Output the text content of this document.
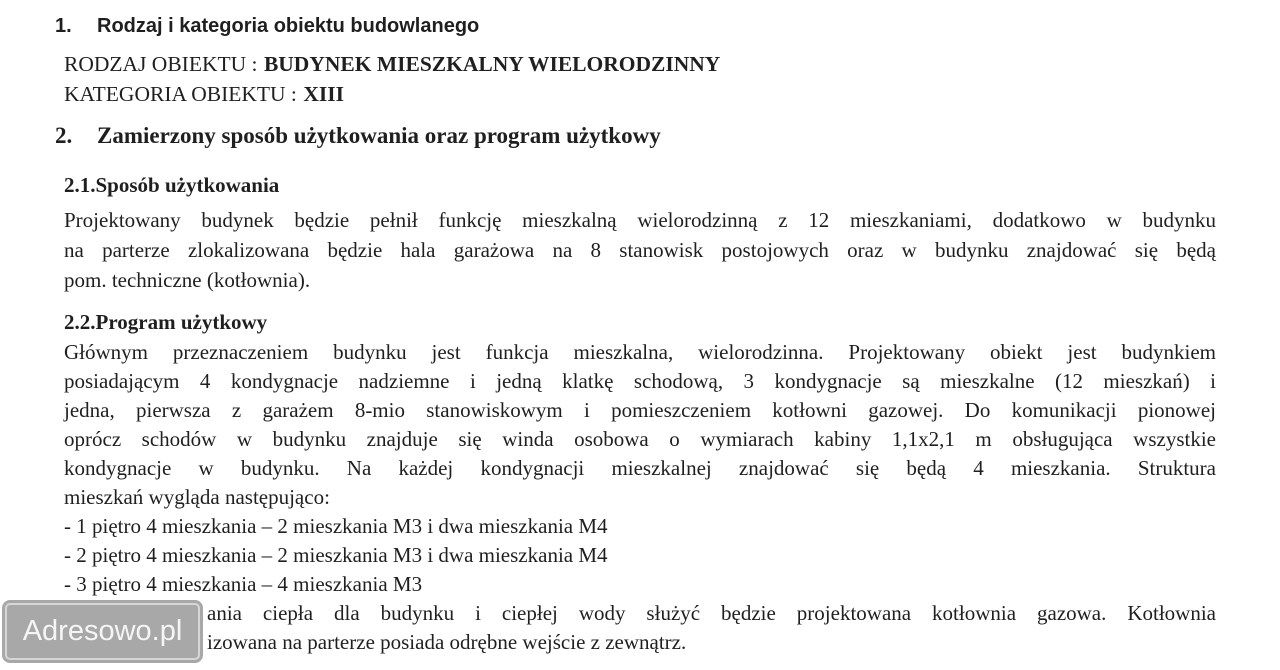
1.	Rodzaj i kategoria obiektu budowlanego
RODZAJ OBIEKTU : BUDYNEK MIESZKALNY WIELORODZINNY
KATEGORIA OBIEKTU : XIII
2.	Zamierzony sposób użytkowania oraz program użytkowy
2.1.Sposób użytkowania
Projektowany budynek będzie pełnił funkcję mieszkalną wielorodzinną z 12 mieszkaniami, dodatkowo w budynku
na parterze zlokalizowana będzie hala garażowa na 8 stanowisk postojowych oraz w budynku znajdować się będą
pom. techniczne (kotłownia).
2.2.Program użytkowy
Głównym przeznaczeniem budynku jest funkcja mieszkalna, wielorodzinna. Projektowany obiekt jest budynkiem
posiadającym 4 kondygnacje nadziemne i jedną klatkę schodową, 3 kondygnacje są mieszkalne (12 mieszkań) i
jedna, pierwsza z garażem 8-mio stanowiskowym i pomieszczeniem kotłowni gazowej. Do komunikacji pionowej
oprócz schodów w budynku znajduje się winda osobowa o wymiarach kabiny 1,1x2,1 m obsługująca wszystkie
kondygnacje w budynku. Na każdej kondygnacji mieszkalnej znajdować się będą 4 mieszkania. Struktura
mieszkań wygląda następująco:
- 1 piętro 4 mieszkania – 2 mieszkania M3 i dwa mieszkania M4
- 2 piętro 4 mieszkania – 2 mieszkania M3 i dwa mieszkania M4
- 3 piętro 4 mieszkania – 4 mieszkania M3
ania ciepła dla budynku i ciepłej wody służyć będzie projektowana kotłownia gazowa. Kotłownia
izowana na parterze posiada odrębne wejście z zewnątrz.
Adresowo.pl
